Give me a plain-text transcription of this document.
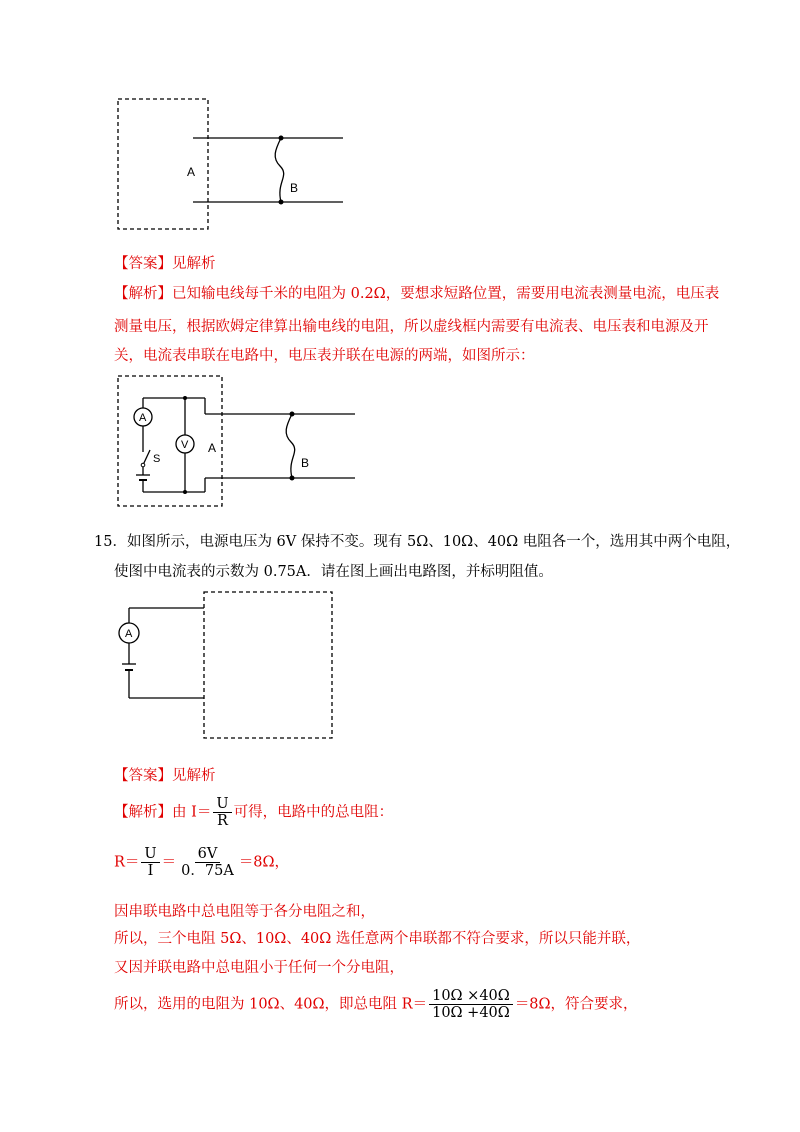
A
B
【答案】见解析
【解析】已知输电线每千米的电阻为 0.2Ω，要想求短路位置，需要用电流表测量电流，电压表
测量电压，根据欧姆定律算出输电线的电阻，所以虚线框内需要有电流表、电压表和电源及开
关，电流表串联在电路中，电压表并联在电源的两端，如图所示：
A
S
V A
B
15．如图所示，电源电压为 6V 保持不变。现有 5Ω、10Ω、40Ω 电阻各一个，选用其中两个电阻，
使图中电流表的示数为 0.75A．请在图上画出电路图，并标明阻值。
A
【答案】见解析
【解析】由 $I= \frac{U}{R}$ 可得，电路中的总电阻：
$R= \frac{U}{I} = \frac{6V}{0.75A} =8\Omega$，
因串联电路中总电阻等于各分电阻之和，
所以，三个电阻 5Ω、10Ω、40Ω 选任意两个串联都不符合要求，所以只能并联，
又因并联电路中总电阻小于任何一个分电阻，
所以，选用的电阻为 10Ω、40Ω，即总电阻 $R= \frac{10\Omega \times 40\Omega}{10\Omega +40\Omega} =8\Omega$，符合要求，
